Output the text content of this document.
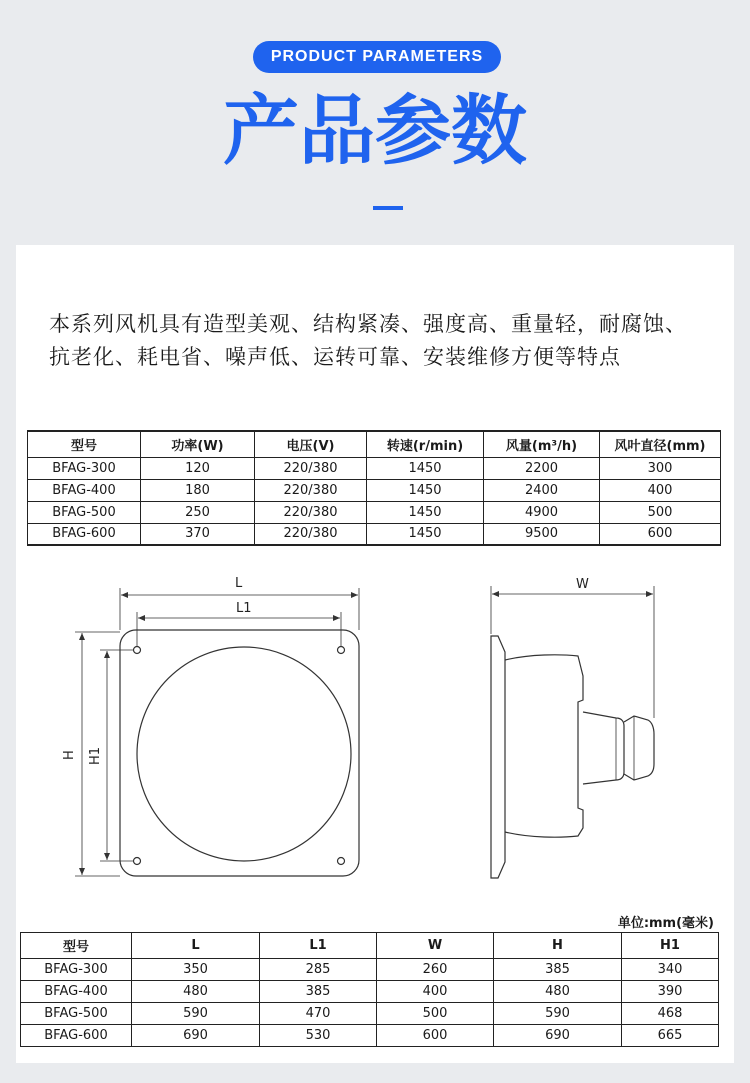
PRODUCT PARAMETERS
产品参数
本系列风机具有造型美观、结构紧凑、强度高、重量轻，耐腐蚀、抗老化、耗电省、噪声低、运转可靠、安装维修方便等特点
型号	功率(W)	电压(V)	转速(r/min)	风量(m³/h)	风叶直径(mm)
BFAG-300	120	220/380	1450	2200	300
BFAG-400	180	220/380	1450	2400	400
BFAG-500	250	220/380	1450	4900	500
BFAG-600	370	220/380	1450	9500	600
L
L1
H H1
W
单位:mm(毫米)
型号	L	L1	W	H	H1
BFAG-300	350	285	260	385	340
BFAG-400	480	385	400	480	390
BFAG-500	590	470	500	590	468
BFAG-600	690	530	600	690	665
